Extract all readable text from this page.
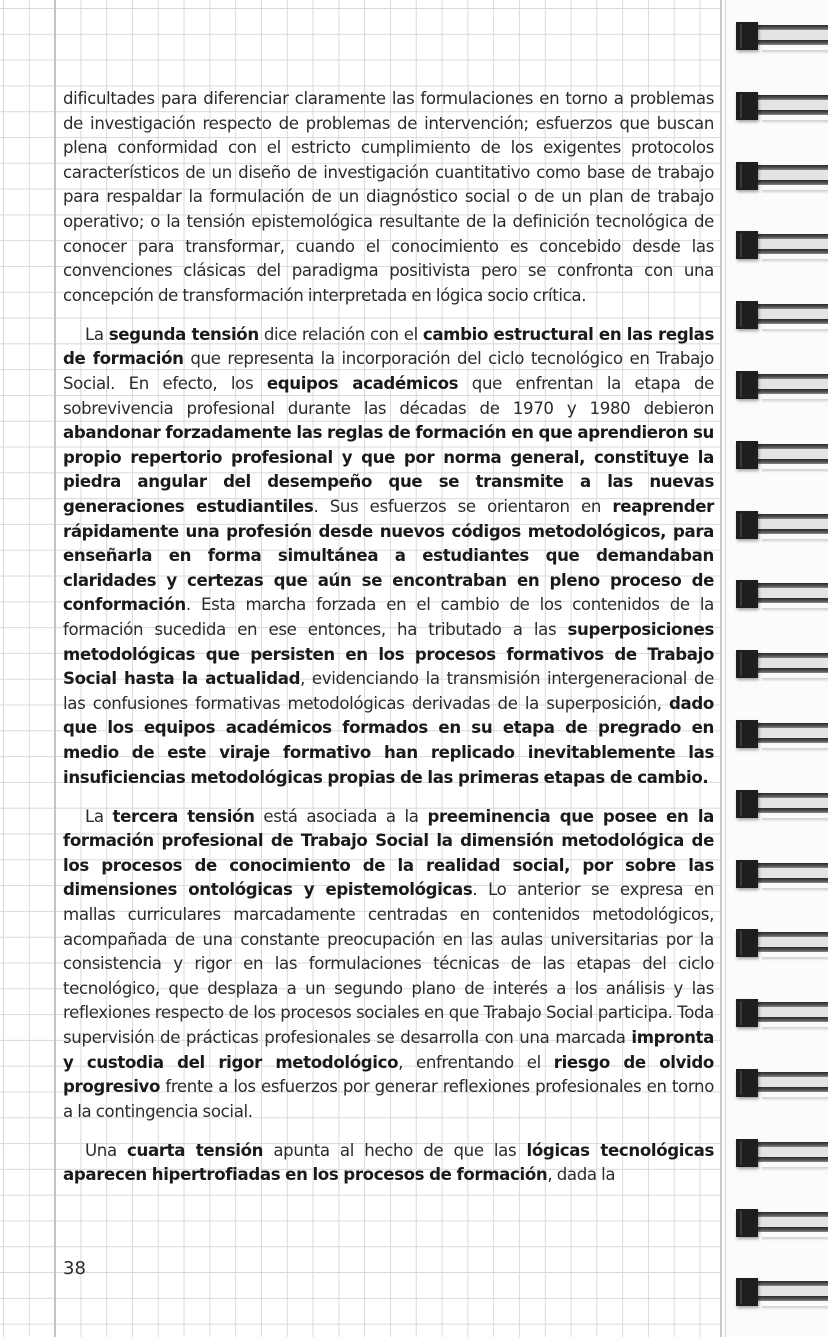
dificultades para diferenciar claramente las formulaciones en torno a problemas de investigación respecto de problemas de intervención; esfuerzos que buscan plena conformidad con el estricto cumplimiento de los exigentes protocolos característicos de un diseño de investigación cuantitativo como base de trabajo para respaldar la formulación de un diagnóstico social o de un plan de trabajo operativo; o la tensión epistemológica resultante de la definición tecnológica de conocer para transformar, cuando el conocimiento es concebido desde las convenciones clásicas del paradigma positivista pero se confronta con una concepción de transformación interpretada en lógica socio crítica.

La segunda tensión dice relación con el cambio estructural en las reglas de formación que representa la incorporación del ciclo tecnológico en Trabajo Social. En efecto, los equipos académicos que enfrentan la etapa de sobrevivencia profesional durante las décadas de 1970 y 1980 debieron abandonar forzadamente las reglas de formación en que aprendieron su propio repertorio profesional y que por norma general, constituye la piedra angular del desempeño que se transmite a las nuevas generaciones estudiantiles. Sus esfuerzos se orientaron en reaprender rápidamente una profesión desde nuevos códigos metodológicos, para enseñarla en forma simultánea a estudiantes que demandaban claridades y certezas que aún se encontraban en pleno proceso de conformación. Esta marcha forzada en el cambio de los contenidos de la formación sucedida en ese entonces, ha tributado a las superposiciones metodológicas que persisten en los procesos formativos de Trabajo Social hasta la actualidad, evidenciando la transmisión intergeneracional de las confusiones formativas metodológicas derivadas de la superposición, dado que los equipos académicos formados en su etapa de pregrado en medio de este viraje formativo han replicado inevitablemente las insuficiencias metodológicas propias de las primeras etapas de cambio.

La tercera tensión está asociada a la preeminencia que posee en la formación profesional de Trabajo Social la dimensión metodológica de los procesos de conocimiento de la realidad social, por sobre las dimensiones ontológicas y epistemológicas. Lo anterior se expresa en mallas curriculares marcadamente centradas en contenidos metodológicos, acompañada de una constante preocupación en las aulas universitarias por la consistencia y rigor en las formulaciones técnicas de las etapas del ciclo tecnológico, que desplaza a un segundo plano de interés a los análisis y las reflexiones respecto de los procesos sociales en que Trabajo Social participa. Toda supervisión de prácticas profesionales se desarrolla con una marcada impronta y custodia del rigor metodológico, enfrentando el riesgo de olvido progresivo frente a los esfuerzos por generar reflexiones profesionales en torno a la contingencia social.

Una cuarta tensión apunta al hecho de que las lógicas tecnológicas aparecen hipertrofiadas en los procesos de formación, dada la

38
